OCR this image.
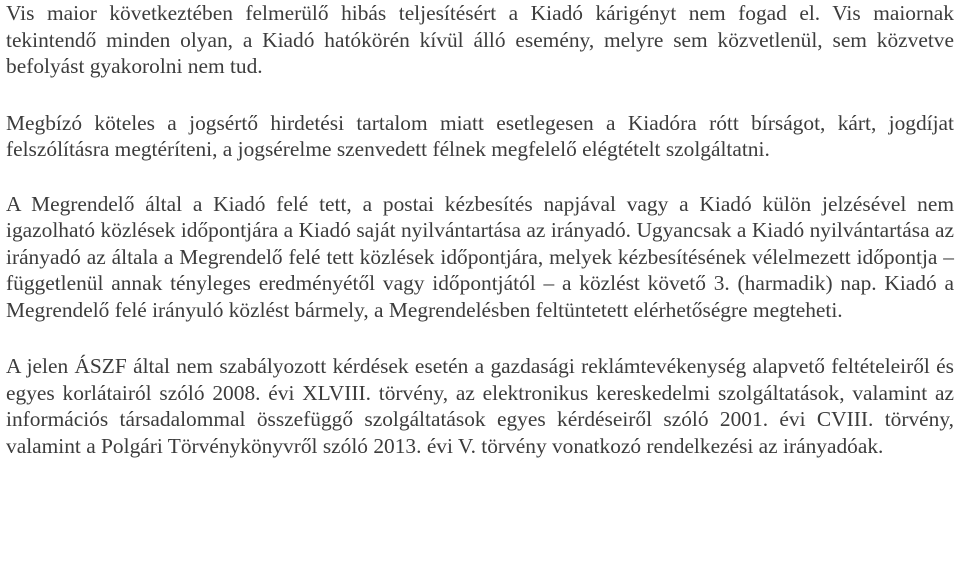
Vis maior következtében felmerülő hibás teljesítésért a Kiadó kárigényt nem fogad el. Vis maiornak tekintendő minden olyan, a Kiadó hatókörén kívül álló esemény, melyre sem közvetlenül, sem közvetve befolyást gyakorolni nem tud.

Megbízó köteles a jogsértő hirdetési tartalom miatt esetlegesen a Kiadóra rótt bírságot, kárt, jogdíjat felszólításra megtéríteni, a jogsérelme szenvedett félnek megfelelő elégtételt szolgáltatni.

A Megrendelő által a Kiadó felé tett, a postai kézbesítés napjával vagy a Kiadó külön jelzésével nem igazolható közlések időpontjára a Kiadó saját nyilvántartása az irányadó. Ugyancsak a Kiadó nyilvántartása az irányadó az általa a Megrendelő felé tett közlések időpontjára, melyek kézbesítésének vélelmezett időpontja – függetlenül annak tényleges eredményétől vagy időpontjától – a közlést követő 3. (harmadik) nap. Kiadó a Megrendelő felé irányuló közlést bármely, a Megrendelésben feltüntetett elérhetőségre megteheti.

A jelen ÁSZF által nem szabályozott kérdések esetén a gazdasági reklámtevékenység alapvető feltételeiről és egyes korlátairól szóló 2008. évi XLVIII. törvény, az elektronikus kereskedelmi szolgáltatások, valamint az információs társadalommal összefüggő szolgáltatások egyes kérdéseiről szóló 2001. évi CVIII. törvény, valamint a Polgári Törvénykönyvről szóló 2013. évi V. törvény vonatkozó rendelkezési az irányadóak.
